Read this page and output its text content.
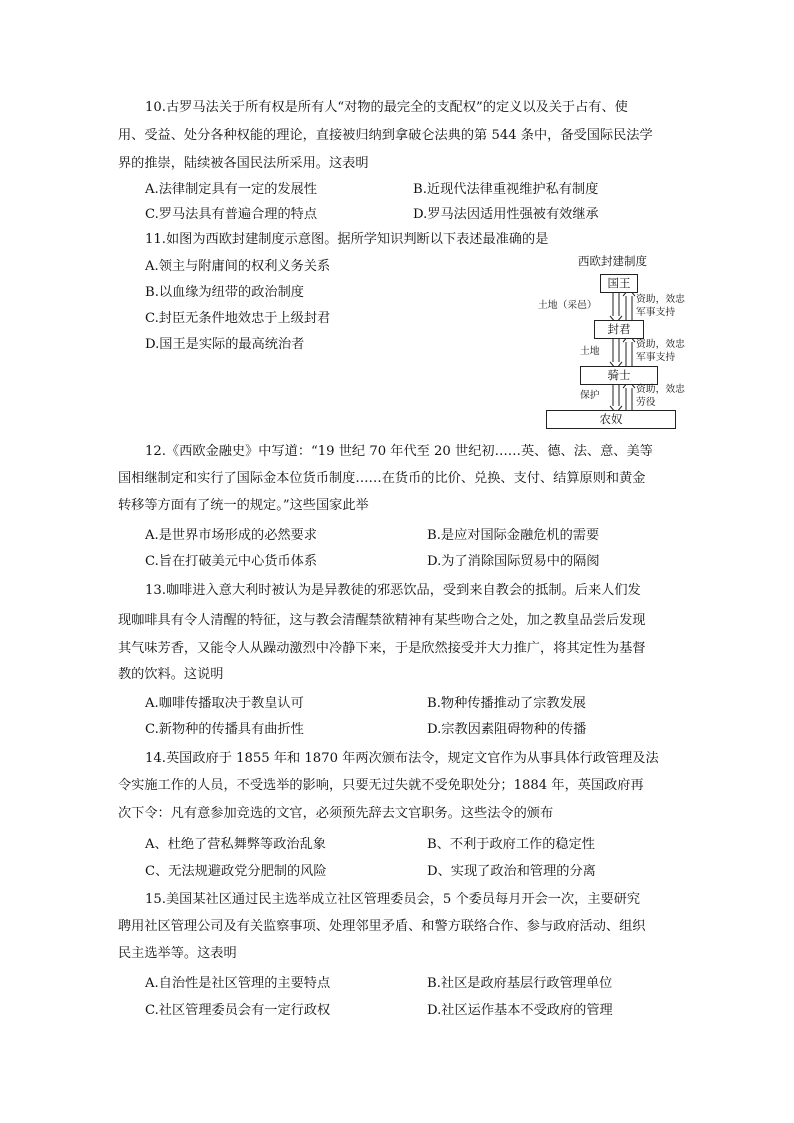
10.古罗马法关于所有权是所有人“对物的最完全的支配权”的定义以及关于占有、使
用、受益、处分各种权能的理论，直接被归纳到拿破仑法典的第 544 条中，备受国际民法学
界的推崇，陆续被各国民法所采用。这表明
A.法律制定具有一定的发展性	B.近现代法律重视维护私有制度
C.罗马法具有普遍合理的特点	D.罗马法因适用性强被有效继承
11.如图为西欧封建制度示意图。据所学知识判断以下表述最准确的是
A.领主与附庸间的权利义务关系
B.以血缘为纽带的政治制度
C.封臣无条件地效忠于上级封君
D.国王是实际的最高统治者
西欧封建制度
国王
封君
骑士
农奴
土地（采邑）
土地
保护
资助，效忠
军事支持
资助，效忠
军事支持
资助，效忠
劳役
12.《西欧金融史》中写道：“19 世纪 70 年代至 20 世纪初……英、德、法、意、美等
国相继制定和实行了国际金本位货币制度……在货币的比价、兑换、支付、结算原则和黄金
转移等方面有了统一的规定。”这些国家此举
A.是世界市场形成的必然要求	B.是应对国际金融危机的需要
C.旨在打破美元中心货币体系	D.为了消除国际贸易中的隔阂
13.咖啡进入意大利时被认为是异教徒的邪恶饮品，受到来自教会的抵制。后来人们发
现咖啡具有令人清醒的特征，这与教会清醒禁欲精神有某些吻合之处，加之教皇品尝后发现
其气味芳香，又能令人从躁动激烈中冷静下来，于是欣然接受并大力推广，将其定性为基督
教的饮料。这说明
A.咖啡传播取决于教皇认可	B.物种传播推动了宗教发展
C.新物种的传播具有曲折性	D.宗教因素阻碍物种的传播
14.英国政府于 1855 年和 1870 年两次颁布法令，规定文官作为从事具体行政管理及法
令实施工作的人员，不受选举的影响，只要无过失就不受免职处分；1884 年，英国政府再
次下令：凡有意参加竞选的文官，必须预先辞去文官职务。这些法令的颁布
A、杜绝了营私舞弊等政治乱象	B、不利于政府工作的稳定性
C、无法规避政党分肥制的风险	D、实现了政治和管理的分离
15.美国某社区通过民主选举成立社区管理委员会，5 个委员每月开会一次，主要研究
聘用社区管理公司及有关监察事项、处理邻里矛盾、和警方联络合作、参与政府活动、组织
民主选举等。这表明
A.自治性是社区管理的主要特点	B.社区是政府基层行政管理单位
C.社区管理委员会有一定行政权	D.社区运作基本不受政府的管理
